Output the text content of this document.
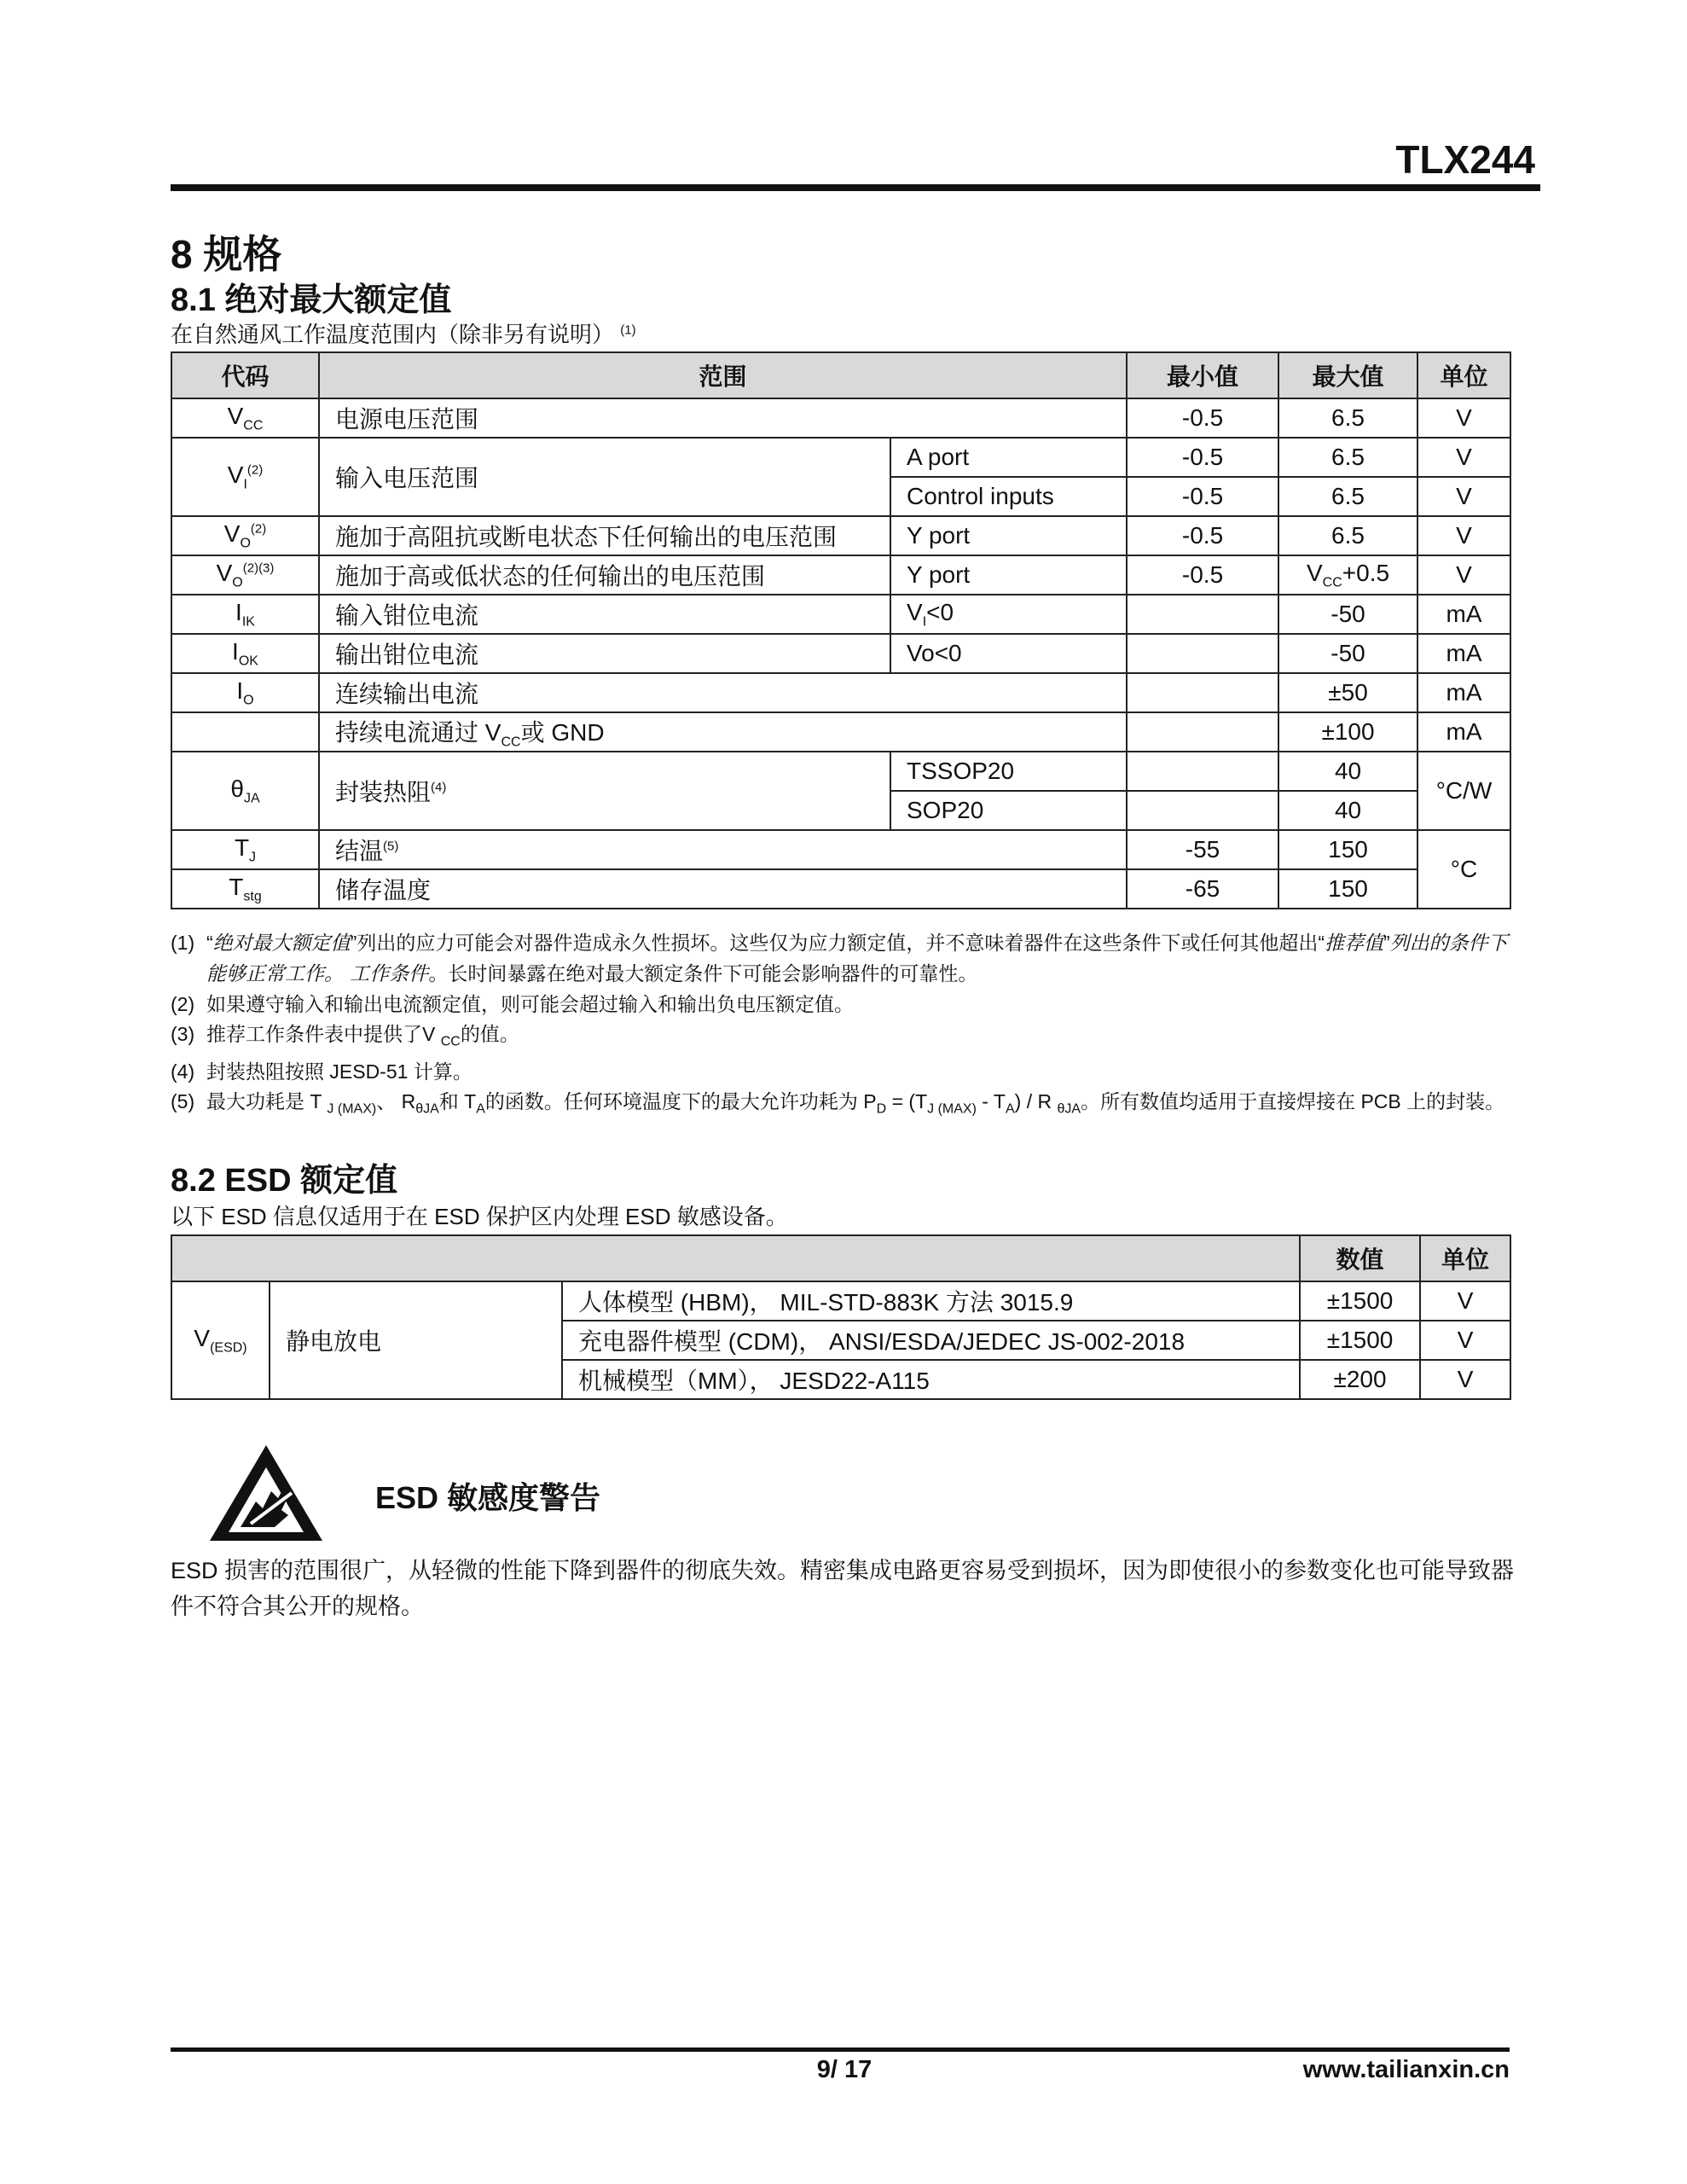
TLX244
8 规格
8.1 绝对最大额定值
在自然通风工作温度范围内（除非另有说明） $^{(1)}$
代码	范围		最小值	最大值	单位
$V_{CC}$	电源电压范围		-0.5	6.5	V
$V_I^{(2)}$	输入电压范围	A port	-0.5	6.5	V
		Control inputs	-0.5	6.5	V
$V_O^{(2)}$	施加于高阻抗或断电状态下任何输出的电压范围	Y port	-0.5	6.5	V
$V_O^{(2)(3)}$	施加于高或低状态的任何输出的电压范围	Y port	-0.5	$V_{CC}+0.5$	V
$I_{IK}$	输入钳位电流	$V_I<0$		-50	mA
$I_{OK}$	输出钳位电流	Vo<0		-50	mA
$I_O$	连续输出电流			±50	mA
	持续电流通过 $V_{CC}$或 GND			±100	mA
$\theta_{JA}$	封装热阻$^{(4)}$	TSSOP20		40	°C/W
		SOP20		40	
$T_J$	结温$^{(5)}$		-55	150	°C
$T_{stg}$	储存温度		-65	150	
(1) “绝对最大额定值”列出的应力可能会对器件造成永久性损坏。这些仅为应力额定值，并不意味着器件在这些条件下或任何其他超出“推荐值”列出的条件下能够正常工作。 工作条件。长时间暴露在绝对最大额定条件下可能会影响器件的可靠性。
(2) 如果遵守输入和输出电流额定值，则可能会超过输入和输出负电压额定值。
(3) 推荐工作条件表中提供了V $_{CC}$的值。
(4) 封装热阻按照 JESD-51 计算。
(5) 最大功耗是 T $_{J (MAX)}$、 $R_{\theta JA}$和 $T_A$的函数。任何环境温度下的最大允许功耗为 $P_D = (T_{J (MAX)} - T_A) / R$ $_{\theta JA}$。所有数值均适用于直接焊接在 PCB 上的封装。
8.2 ESD 额定值
以下 ESD 信息仅适用于在 ESD 保护区内处理 ESD 敏感设备。
			数值	单位
$V_{(ESD)}$	静电放电	人体模型 (HBM)， MIL-STD-883K 方法 3015.9	±1500	V
		充电器件模型 (CDM)， ANSI/ESDA/JEDEC JS-002-2018	±1500	V
		机械模型（MM）， JESD22-A115	±200	V
ESD 敏感度警告
ESD 损害的范围很广，从轻微的性能下降到器件的彻底失效。精密集成电路更容易受到损坏，因为即使很小的参数变化也可能导致器件不符合其公开的规格。
9/ 17	www.tailianxin.cn
